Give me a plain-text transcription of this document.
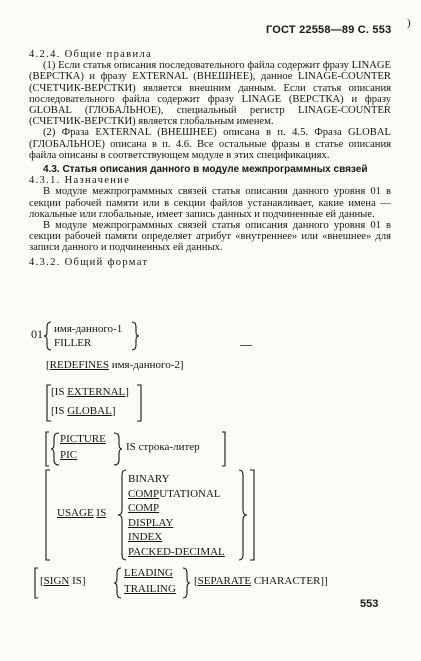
ГОСТ 22558—89 С. 553
)

4.2.4. Общие правила

(1) Если статья описания последовательного файла содержит фразу LINAGE (ВЕРСТКА) и фразу EXTERNAL (ВНЕШНЕЕ), данное LINAGE-COUNTER (СЧЕТЧИК-ВЕРСТКИ) является внешним данным. Если статья описания последовательного файла содержит фразу LINAGE (ВЕРСТКА) и фразу GLOBAL (ГЛОБАЛЬНОЕ), специальный регистр LINAGE-COUNTER (СЧЕТЧИК-ВЕРСТКИ) является глобальным именем.

(2) Фраза EXTERNAL (ВНЕШНЕЕ) описана в п. 4.5. Фраза GLOBAL (ГЛОБАЛЬНОЕ) описана в п. 4.6. Все остальные фразы в статье описания файла описаны в соответствующем модуле в этих спецификациях.

4.3. Статья описания данного в модуле межпрограммных связей

4.3.1. Назначение

В модуле межпрограммных связей статья описания данного уровня 01 в секции рабочей памяти или в секции файлов устанавливает, какие имена — локальные или глобальные, имеет запись данных и подчиненные ей данные.

В модуле межпрограммных связей статья описания данного уровня 01 в секции рабочей памяти определяет атрибут «внутреннее» или «внешнее» для записи данного и подчиненных ей данных.

4.3.2. Общий формат

01 имя-данного-1
FILLER
[REDEFINES имя-данного-2]
[IS EXTERNAL]
[IS GLOBAL]
PICTURE
PIC
IS строка-литер
USAGE IS
BINARY
COMPUTATIONAL
COMP
DISPLAY
INDEX
PACKED-DECIMAL
[SIGN IS]
LEADING
TRAILING
[SEPARATE CHARACTER]]
553
